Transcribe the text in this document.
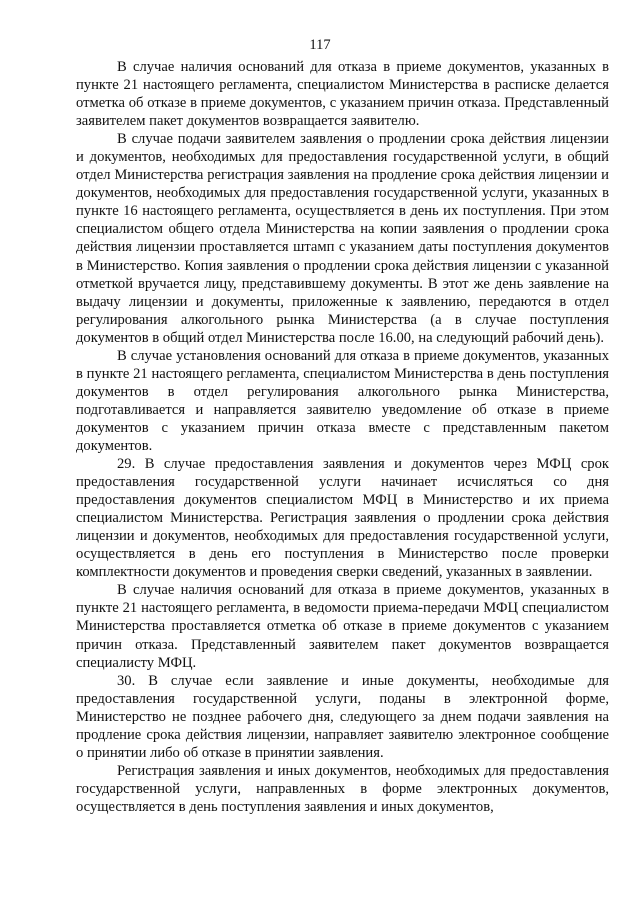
117

В случае наличия оснований для отказа в приеме документов, указанных в пункте 21 настоящего регламента, специалистом Министерства в расписке делается отметка об отказе в приеме документов, с указанием причин отказа. Представленный заявителем пакет документов возвращается заявителю.

В случае подачи заявителем заявления о продлении срока действия лицензии и документов, необходимых для предоставления государственной услуги, в общий отдел Министерства регистрация заявления на продление срока действия лицензии и документов, необходимых для предоставления государственной услуги, указанных в пункте 16 настоящего регламента, осуществляется в день их поступления. При этом специалистом общего отдела Министерства на копии заявления о продлении срока действия лицензии проставляется штамп с указанием даты поступления документов в Министерство. Копия заявления о продлении срока действия лицензии с указанной отметкой вручается лицу, представившему документы. В этот же день заявление на выдачу лицензии и документы, приложенные к заявлению, передаются в отдел регулирования алкогольного рынка Министерства (а в случае поступления документов в общий отдел Министерства после 16.00, на следующий рабочий день).

В случае установления оснований для отказа в приеме документов, указанных в пункте 21 настоящего регламента, специалистом Министерства в день поступления документов в отдел регулирования алкогольного рынка Министерства, подготавливается и направляется заявителю уведомление об отказе в приеме документов с указанием причин отказа вместе с представленным пакетом документов.

29. В случае предоставления заявления и документов через МФЦ срок предоставления государственной услуги начинает исчисляться со дня предоставления документов специалистом МФЦ в Министерство и их приема специалистом Министерства. Регистрация заявления о продлении срока действия лицензии и документов, необходимых для предоставления государственной услуги, осуществляется в день его поступления в Министерство после проверки комплектности документов и проведения сверки сведений, указанных в заявлении.

В случае наличия оснований для отказа в приеме документов, указанных в пункте 21 настоящего регламента, в ведомости приема-передачи МФЦ специалистом Министерства проставляется отметка об отказе в приеме документов с указанием причин отказа. Представленный заявителем пакет документов возвращается специалисту МФЦ.

30. В случае если заявление и иные документы, необходимые для предоставления государственной услуги, поданы в электронной форме, Министерство не позднее рабочего дня, следующего за днем подачи заявления на продление срока действия лицензии, направляет заявителю электронное сообщение о принятии либо об отказе в принятии заявления.

Регистрация заявления и иных документов, необходимых для предоставления государственной услуги, направленных в форме электронных документов, осуществляется в день поступления заявления и иных документов,
